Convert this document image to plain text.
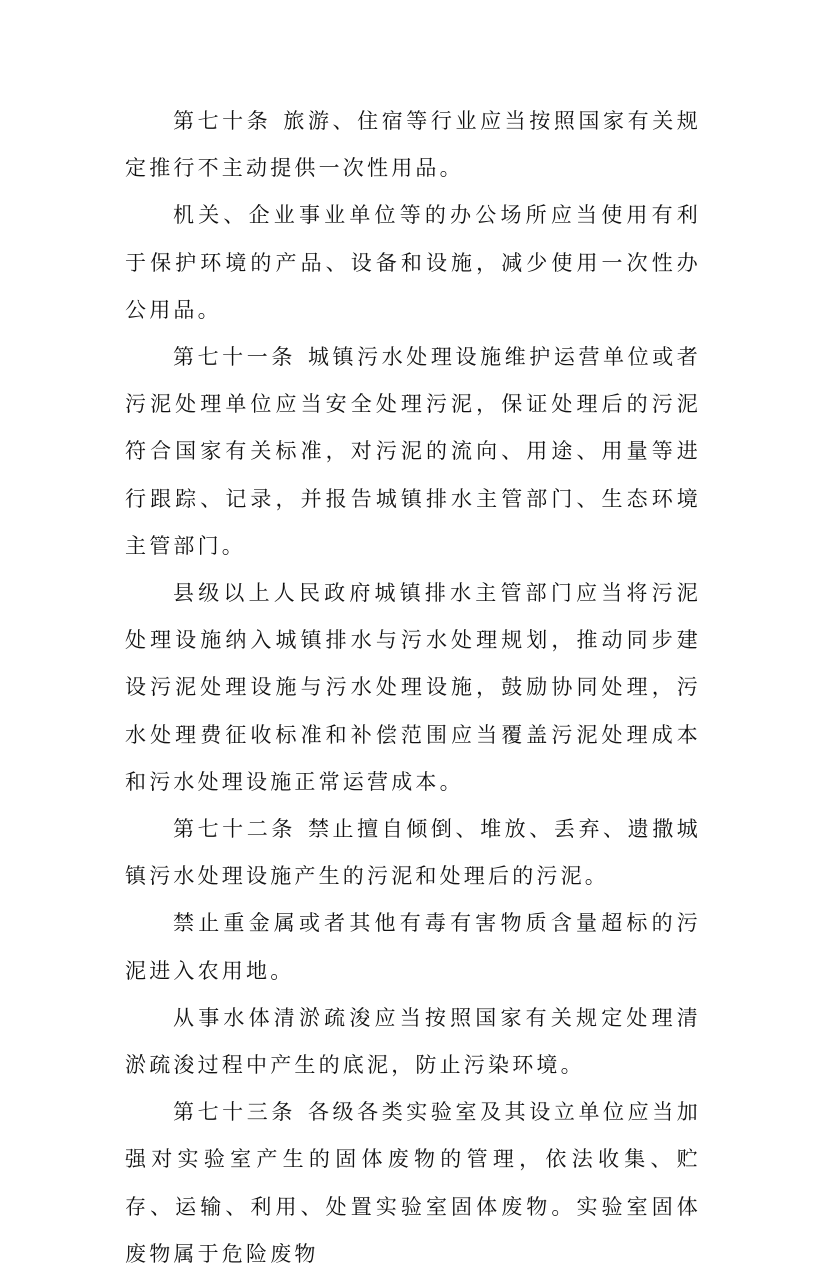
第七十条 旅游、住宿等行业应当按照国家有关规定推行不主动提供一次性用品。

机关、企业事业单位等的办公场所应当使用有利于保护环境的产品、设备和设施，减少使用一次性办公用品。

第七十一条 城镇污水处理设施维护运营单位或者污泥处理单位应当安全处理污泥，保证处理后的污泥符合国家有关标准，对污泥的流向、用途、用量等进行跟踪、记录，并报告城镇排水主管部门、生态环境主管部门。

县级以上人民政府城镇排水主管部门应当将污泥处理设施纳入城镇排水与污水处理规划，推动同步建设污泥处理设施与污水处理设施，鼓励协同处理，污水处理费征收标准和补偿范围应当覆盖污泥处理成本和污水处理设施正常运营成本。

第七十二条 禁止擅自倾倒、堆放、丢弃、遗撒城镇污水处理设施产生的污泥和处理后的污泥。

禁止重金属或者其他有毒有害物质含量超标的污泥进入农用地。

从事水体清淤疏浚应当按照国家有关规定处理清淤疏浚过程中产生的底泥，防止污染环境。

第七十三条 各级各类实验室及其设立单位应当加强对实验室产生的固体废物的管理，依法收集、贮存、运输、利用、处置实验室固体废物。实验室固体废物属于危险废物
